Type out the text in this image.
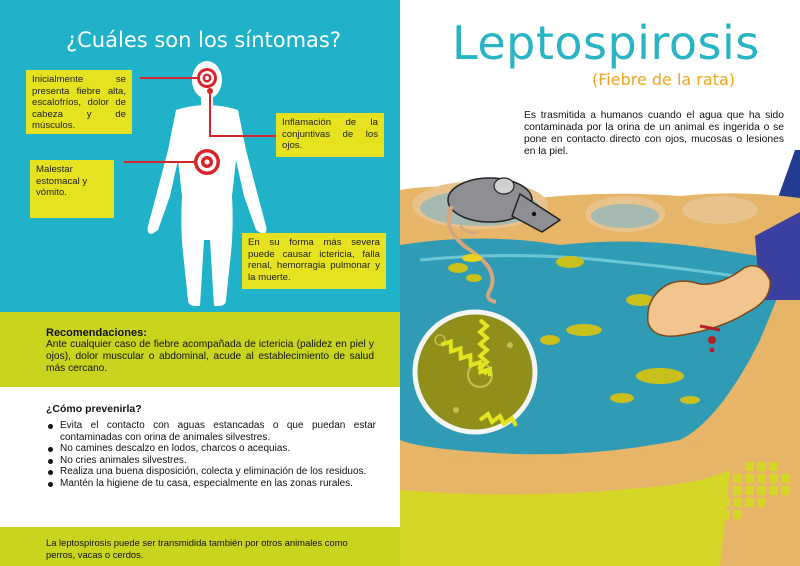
¿Cuáles son los síntomas?
Inicialmente se presenta fiebre alta, escalofríos, dolor de cabeza y de músculos.	Inflamación de la conjuntivas de los ojos.
Malestar estomacal y vómito.
En su forma más severa puede causar ictericia, falla renal, hemorragia pulmonar y la muerte.
Recomendaciones:
Ante cualquier caso de fiebre acompañada de ictericia (palidez en piel y ojos), dolor muscular o abdominal, acude al establecimiento de salud más cercano.
¿Cómo prevenirla?
Evita el contacto con aguas estancadas o que puedan estar contaminadas con orina de animales silvestres.
No camines descalzo en lodos, charcos o acequias.
No cries animales silvestres.
Realiza una buena disposición, colecta y eliminación de los residuos.
Mantén la higiene de tu casa, especialmente en las zonas rurales.
La leptospirosis puede ser transmidida también por otros animales como perros, vacas o cerdos.
Es trasmitida a humanos cuando el agua que ha sido contaminada por la orina de un animal es ingerida o se pone en contacto directo con ojos, mucosas o lesiones en la piel.
Leptospirosis
(Fiebre de la rata)
